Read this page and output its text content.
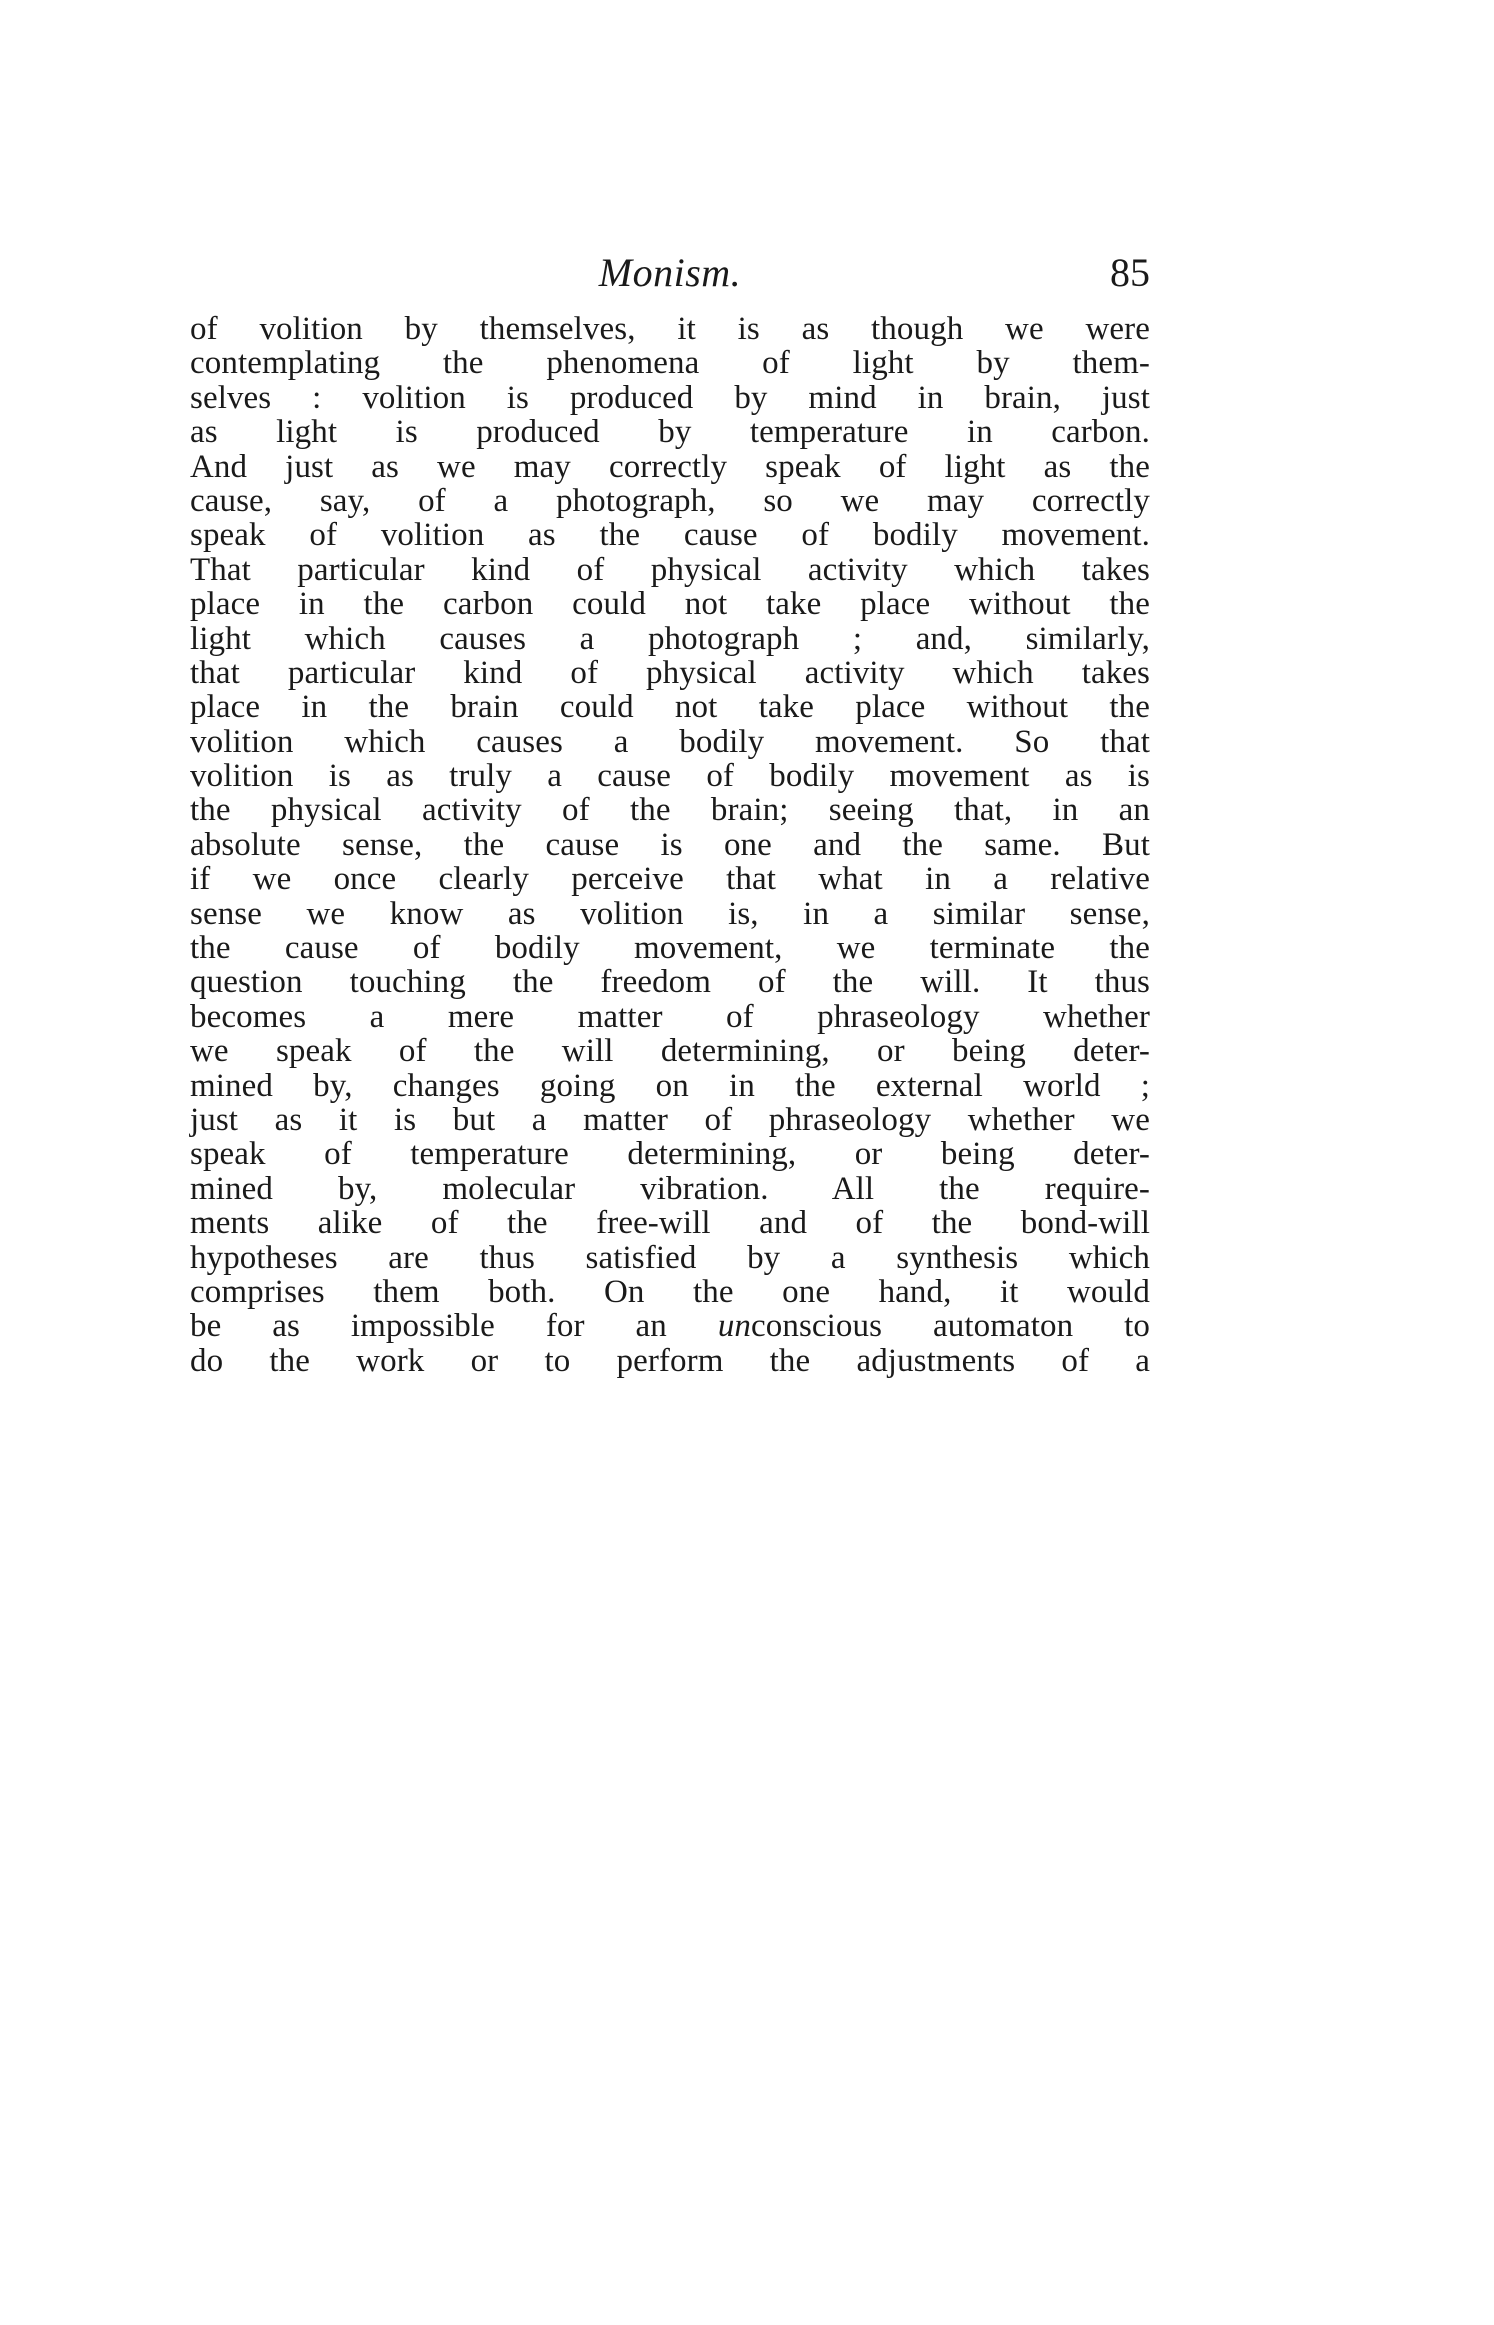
Monism.	85
of volition by themselves, it is as though we were
contemplating the phenomena of light by them-
selves : volition is produced by mind in brain, just
as light is produced by temperature in carbon.
And just as we may correctly speak of light as the
cause, say, of a photograph, so we may correctly
speak of volition as the cause of bodily movement.
That particular kind of physical activity which takes
place in the carbon could not take place without the
light which causes a photograph ; and, similarly,
that particular kind of physical activity which takes
place in the brain could not take place without the
volition which causes a bodily movement. So that
volition is as truly a cause of bodily movement as is
the physical activity of the brain; seeing that, in an
absolute sense, the cause is one and the same. But
if we once clearly perceive that what in a relative
sense we know as volition is, in a similar sense,
the cause of bodily movement, we terminate the
question touching the freedom of the will. It thus
becomes a mere matter of phraseology whether
we speak of the will determining, or being deter-
mined by, changes going on in the external world ;
just as it is but a matter of phraseology whether we
speak of temperature determining, or being deter-
mined by, molecular vibration. All the require-
ments alike of the free-will and of the bond-will
hypotheses are thus satisfied by a synthesis which
comprises them both. On the one hand, it would
be as impossible for an unconscious automaton to
do the work or to perform the adjustments of a
